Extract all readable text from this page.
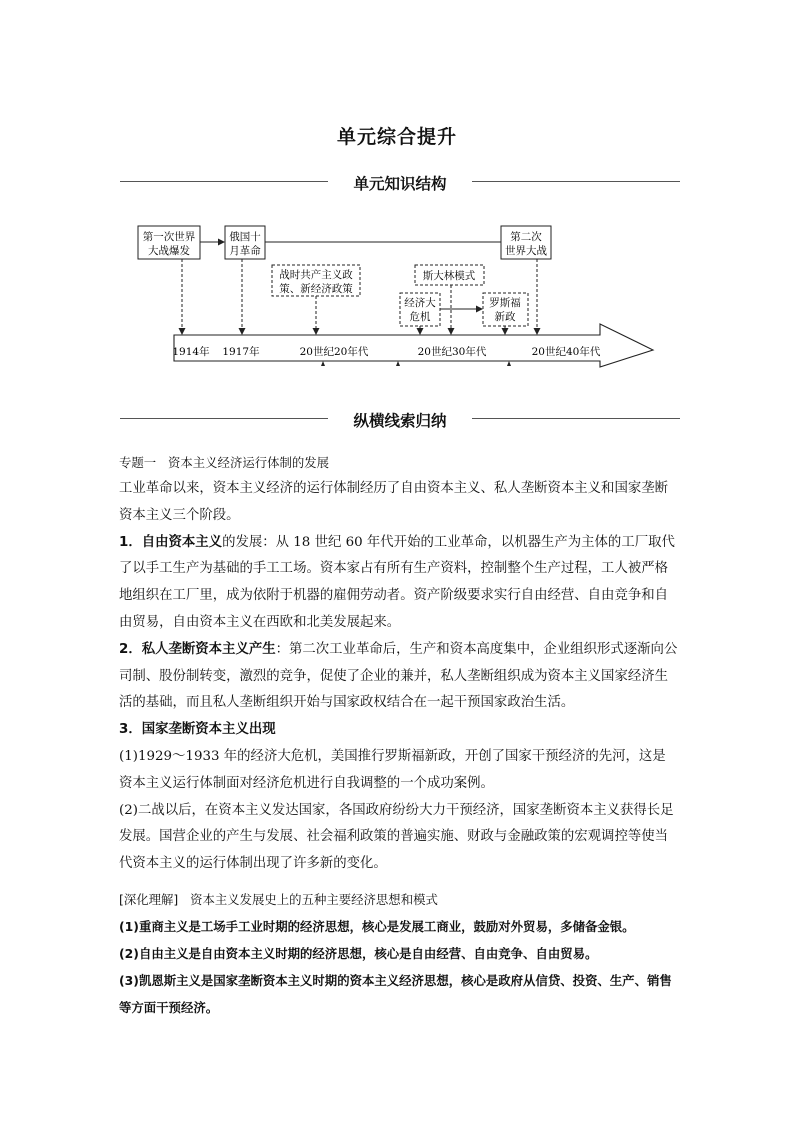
单元综合提升
单元知识结构
1914年 1917年	20世纪20年代	20世纪30年代	20世纪40年代
第一次世界
大战爆发
俄国十
月革命
第二次
世界大战
战时共产主义政
策、新经济政策
斯大林模式
经济大
危机
罗斯福
新政
纵横线索归纳

专题一 资本主义经济运行体制的发展

工业革命以来，资本主义经济的运行体制经历了自由资本主义、私人垄断资本主义和国家垄断资本主义三个阶段。

1．自由资本主义的发展：从 18 世纪 60 年代开始的工业革命，以机器生产为主体的工厂取代了以手工生产为基础的手工工场。资本家占有所有生产资料，控制整个生产过程，工人被严格地组织在工厂里，成为依附于机器的雇佣劳动者。资产阶级要求实行自由经营、自由竞争和自由贸易，自由资本主义在西欧和北美发展起来。

2．私人垄断资本主义产生：第二次工业革命后，生产和资本高度集中，企业组织形式逐渐向公司制、股份制转变，激烈的竞争，促使了企业的兼并，私人垄断组织成为资本主义国家经济生活的基础，而且私人垄断组织开始与国家政权结合在一起干预国家政治生活。

3．国家垄断资本主义出现

(1)1929～1933 年的经济大危机，美国推行罗斯福新政，开创了国家干预经济的先河，这是资本主义运行体制面对经济危机进行自我调整的一个成功案例。

(2)二战以后，在资本主义发达国家，各国政府纷纷大力干预经济，国家垄断资本主义获得长足发展。国营企业的产生与发展、社会福利政策的普遍实施、财政与金融政策的宏观调控等使当代资本主义的运行体制出现了许多新的变化。

[深化理解] 资本主义发展史上的五种主要经济思想和模式

(1)重商主义是工场手工业时期的经济思想，核心是发展工商业，鼓励对外贸易，多储备金银。

(2)自由主义是自由资本主义时期的经济思想，核心是自由经营、自由竞争、自由贸易。

(3)凯恩斯主义是国家垄断资本主义时期的资本主义经济思想，核心是政府从信贷、投资、生产、销售等方面干预经济。
